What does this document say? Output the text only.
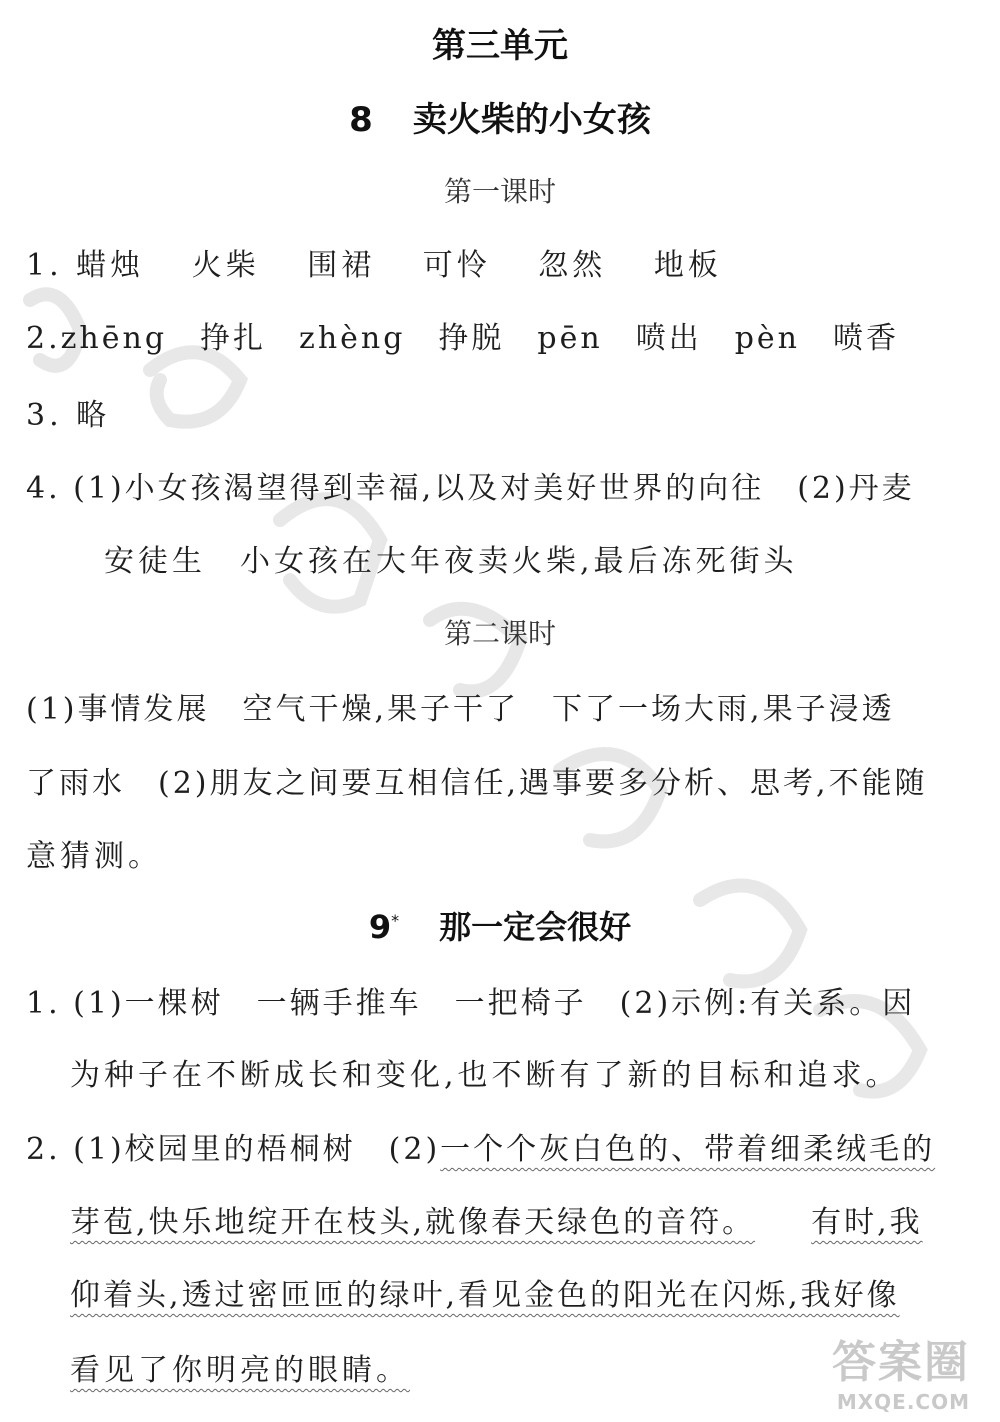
第三单元
8 卖火柴的小女孩
第一课时
1. 蜡烛　 火柴　 围裙　 可怜　 忽然　 地板
2.zhēng　挣扎　zhèng　挣脱　pēn　喷出　pèn　喷香
3. 略
4. (1)小女孩渴望得到幸福,以及对美好世界的向往　(2)丹麦
安徒生　小女孩在大年夜卖火柴,最后冻死街头
第二课时
(1)事情发展　空气干燥,果子干了　下了一场大雨,果子浸透
了雨水　(2)朋友之间要互相信任,遇事要多分析、思考,不能随
意猜测。
9* 那一定会很好
1. (1)一棵树　一辆手推车　一把椅子　(2)示例:有关系。因
为种子在不断成长和变化,也不断有了新的目标和追求。
2. (1)校园里的梧桐树　(2)一个个灰白色的、带着细柔绒毛的
芽苞,快乐地绽开在枝头,就像春天绿色的音符。 有时,我
仰着头,透过密匝匝的绿叶,看见金色的阳光在闪烁,我好像
看见了你明亮的眼睛。	答案圈
MXQE.COM
